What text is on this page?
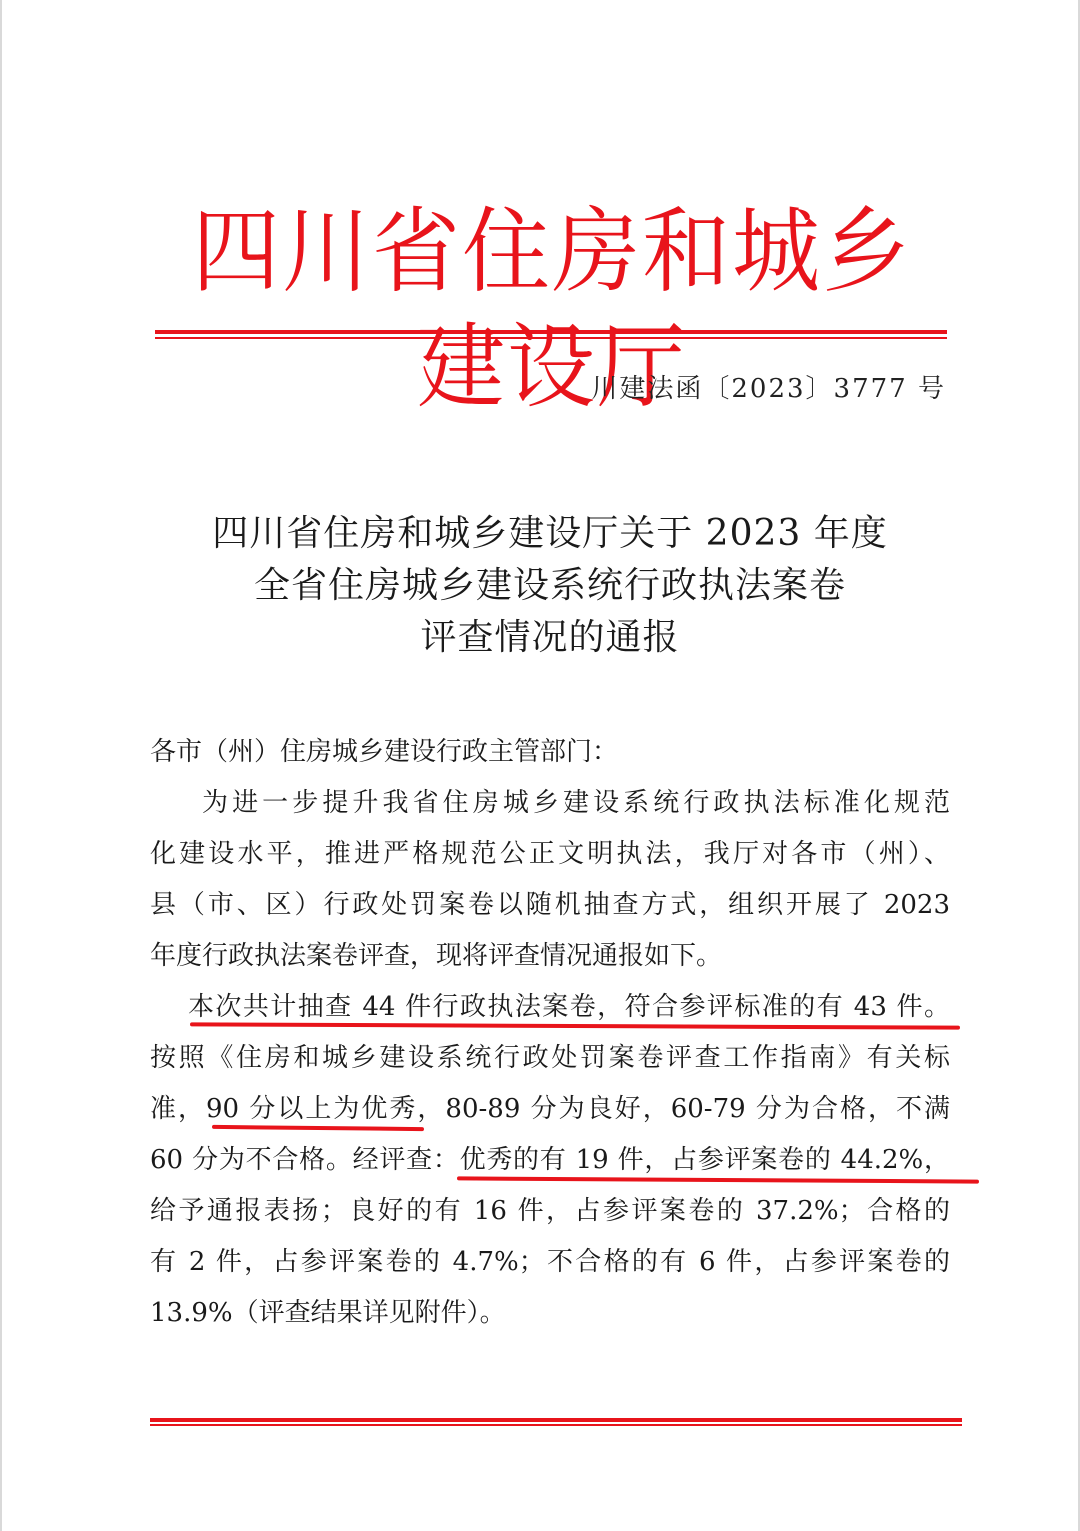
四川省住房和城乡建设厅
川建法函〔2023〕3777 号
四川省住房和城乡建设厅关于 2023 年度
全省住房城乡建设系统行政执法案卷
评查情况的通报
各市（州）住房城乡建设行政主管部门：
为进一步提升我省住房城乡建设系统行政执法标准化规范
化建设水平，推进严格规范公正文明执法，我厅对各市（州）、
县（市、区）行政处罚案卷以随机抽查方式，组织开展了 2023
年度行政执法案卷评查，现将评查情况通报如下。
本次共计抽查 44 件行政执法案卷，符合参评标准的有 43 件。
按照《住房和城乡建设系统行政处罚案卷评查工作指南》有关标
准，90 分以上为优秀，80-89 分为良好，60-79 分为合格，不满
60 分为不合格。经评查：优秀的有 19 件，占参评案卷的 44.2%，
给予通报表扬；良好的有 16 件，占参评案卷的 37.2%；合格的
有 2 件，占参评案卷的 4.7%；不合格的有 6 件，占参评案卷的
13.9%（评查结果详见附件）。
